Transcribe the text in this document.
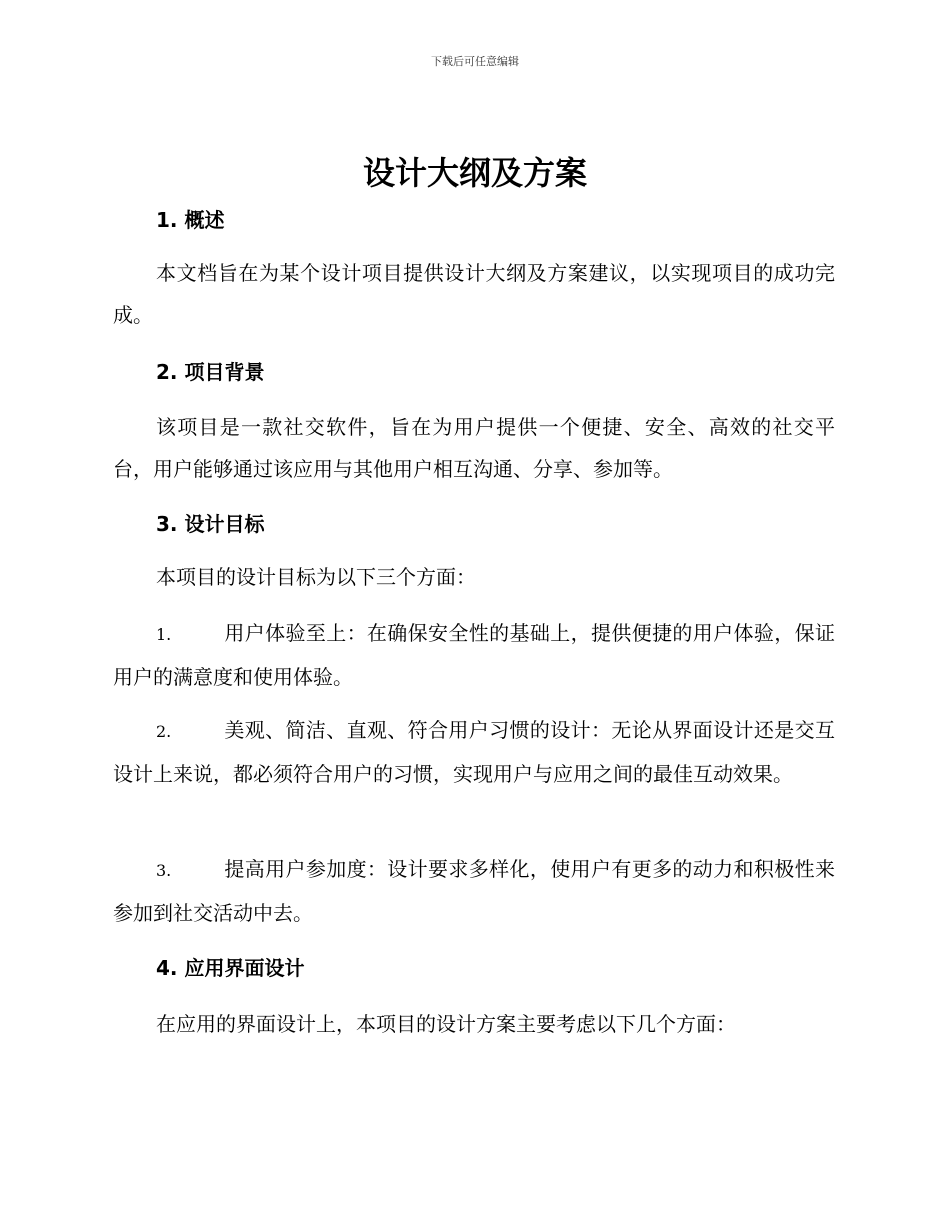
下载后可任意编辑
设计大纲及方案
1. 概述

本文档旨在为某个设计项目提供设计大纲及方案建议，以实现项目的成功完成。

2. 项目背景

该项目是一款社交软件，旨在为用户提供一个便捷、安全、高效的社交平台，用户能够通过该应用与其他用户相互沟通、分享、参加等。

3. 设计目标

本项目的设计目标为以下三个方面：

1.	用户体验至上：在确保安全性的基础上，提供便捷的用户体验，保证用户的满意度和使用体验。

2.	美观、简洁、直观、符合用户习惯的设计：无论从界面设计还是交互设计上来说，都必须符合用户的习惯，实现用户与应用之间的最佳互动效果。

3.	提高用户参加度：设计要求多样化，使用户有更多的动力和积极性来参加到社交活动中去。

4. 应用界面设计

在应用的界面设计上，本项目的设计方案主要考虑以下几个方面：
